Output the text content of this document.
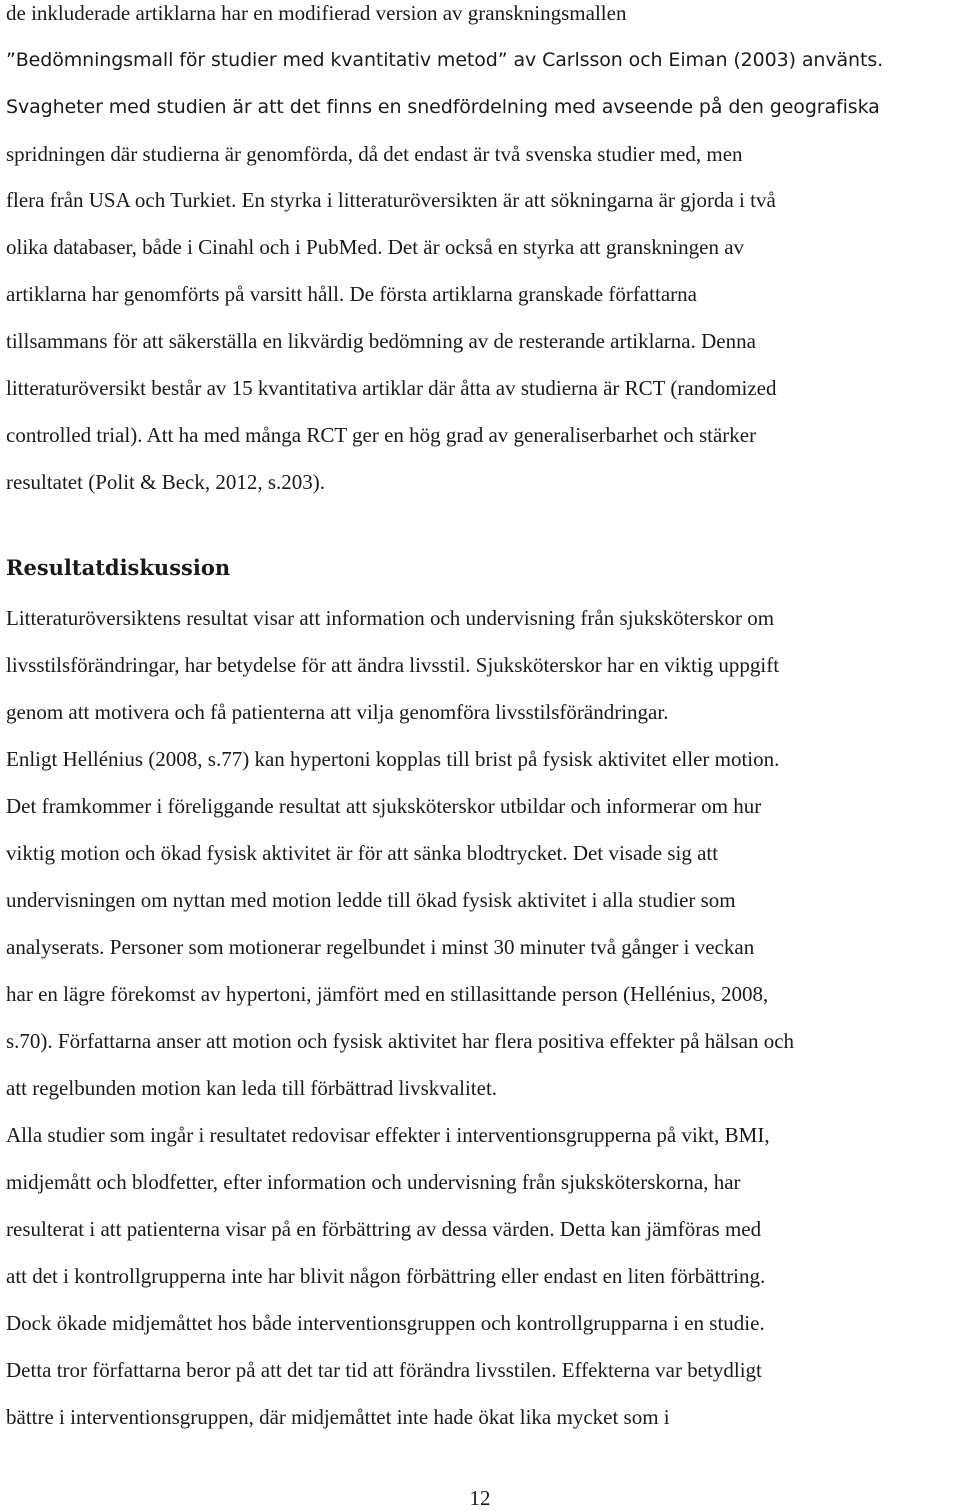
de inkluderade artiklarna har en modifierad version av granskningsmallen
”Bedömningsmall för studier med kvantitativ metod” av Carlsson och Eiman (2003) använts.
Svagheter med studien är att det finns en snedfördelning med avseende på den geografiska
spridningen där studierna är genomförda, då det endast är två svenska studier med, men
flera från USA och Turkiet. En styrka i litteraturöversikten är att sökningarna är gjorda i två
olika databaser, både i Cinahl och i PubMed. Det är också en styrka att granskningen av
artiklarna har genomförts på varsitt håll. De första artiklarna granskade författarna
tillsammans för att säkerställa en likvärdig bedömning av de resterande artiklarna. Denna
litteraturöversikt består av 15 kvantitativa artiklar där åtta av studierna är RCT (randomized
controlled trial). Att ha med många RCT ger en hög grad av generaliserbarhet och stärker
resultatet (Polit & Beck, 2012, s.203).
Resultatdiskussion
Litteraturöversiktens resultat visar att information och undervisning från sjuksköterskor om
livsstilsförändringar, har betydelse för att ändra livsstil. Sjuksköterskor har en viktig uppgift
genom att motivera och få patienterna att vilja genomföra livsstilsförändringar.
Enligt Hellénius (2008, s.77) kan hypertoni kopplas till brist på fysisk aktivitet eller motion.
Det framkommer i föreliggande resultat att sjuksköterskor utbildar och informerar om hur
viktig motion och ökad fysisk aktivitet är för att sänka blodtrycket. Det visade sig att
undervisningen om nyttan med motion ledde till ökad fysisk aktivitet i alla studier som
analyserats. Personer som motionerar regelbundet i minst 30 minuter två gånger i veckan
har en lägre förekomst av hypertoni, jämfört med en stillasittande person (Hellénius, 2008,
s.70). Författarna anser att motion och fysisk aktivitet har flera positiva effekter på hälsan och
att regelbunden motion kan leda till förbättrad livskvalitet.
Alla studier som ingår i resultatet redovisar effekter i interventionsgrupperna på vikt, BMI,
midjemått och blodfetter, efter information och undervisning från sjuksköterskorna, har
resulterat i att patienterna visar på en förbättring av dessa värden. Detta kan jämföras med
att det i kontrollgrupperna inte har blivit någon förbättring eller endast en liten förbättring.
Dock ökade midjemåttet hos både interventionsgruppen och kontrollgrupparna i en studie.
Detta tror författarna beror på att det tar tid att förändra livsstilen. Effekterna var betydligt
bättre i interventionsgruppen, där midjemåttet inte hade ökat lika mycket som i
12
